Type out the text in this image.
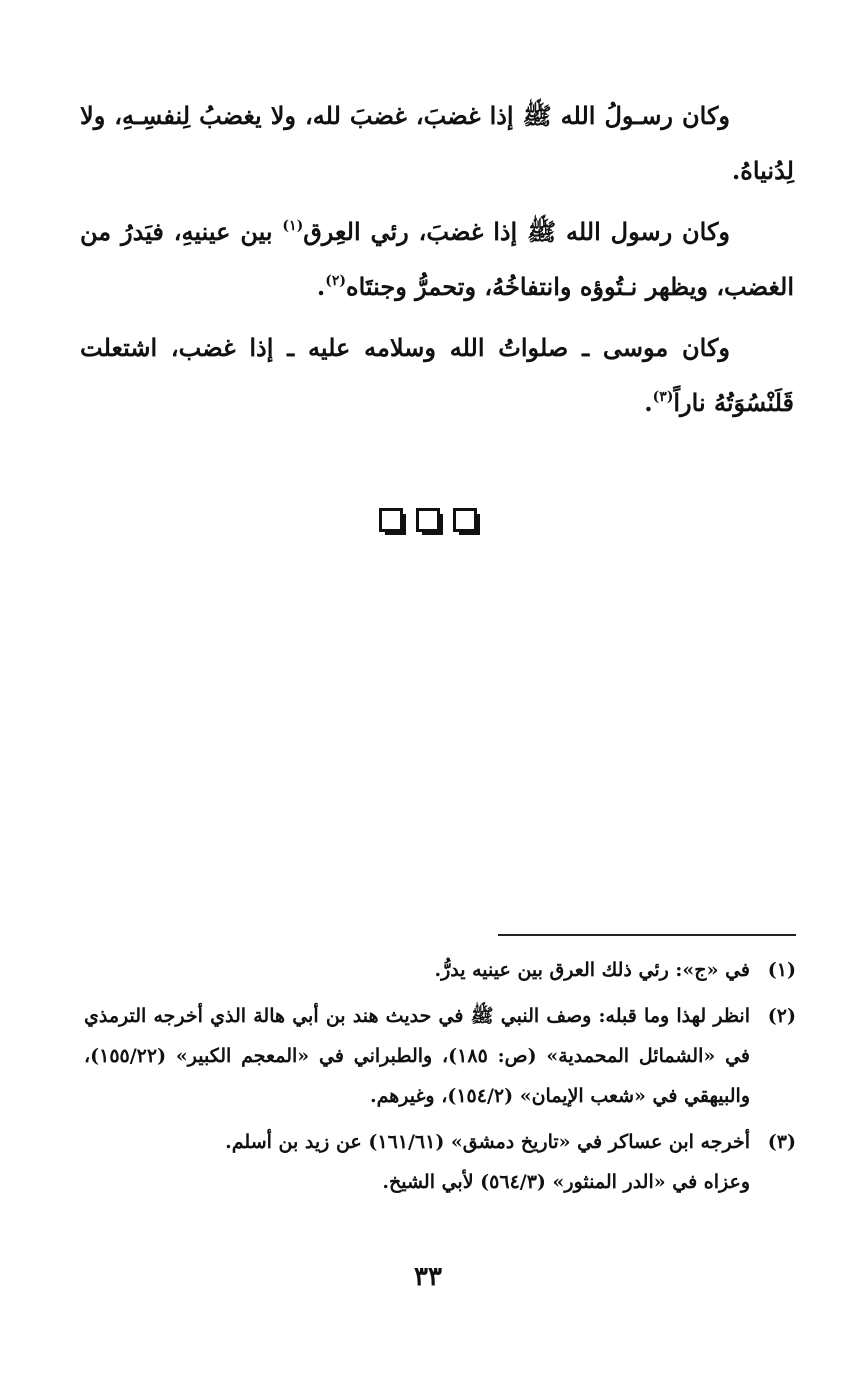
وكان رسـولُ الله ﷺ إذا غضبَ، غضبَ لله، ولا يغضبُ لِنفسِـهِ، ولا لِدُنياهُ.

وكان رسول الله ﷺ إذا غضبَ، رئي العِرق$^{(١)}$ بين عينيهِ، فيَدرُ من الغضب، ويظهر نـتُوؤه وانتفاخُهُ، وتحمرُّ وجنتَاه$^{(٢)}$.

وكان موسى ـ صلواتُ الله وسلامه عليه ـ إذا غضب، اشتعلت قَلَنْسُوَتُهُ ناراً$^{(٣)}$.

(١)
في «ج»: رئي ذلك العرق بين عينيه يدرُّ.
(٢)
انظر لهذا وما قبله: وصف النبي ﷺ في حديث هند بن أبي هالة الذي أخرجه الترمذي في «الشمائل المحمدية» (ص: ١٨٥)، والطبراني في «المعجم الكبير» (١٥٥/٢٢)، والبيهقي في «شعب الإيمان» (١٥٤/٢)، وغيرهم.
(٣)
أخرجه ابن عساكر في «تاريخ دمشق» (١٦١/٦١) عن زيد بن أسلم.
وعزاه في «الدر المنثور» (٥٦٤/٣) لأبي الشيخ.
٣٣
